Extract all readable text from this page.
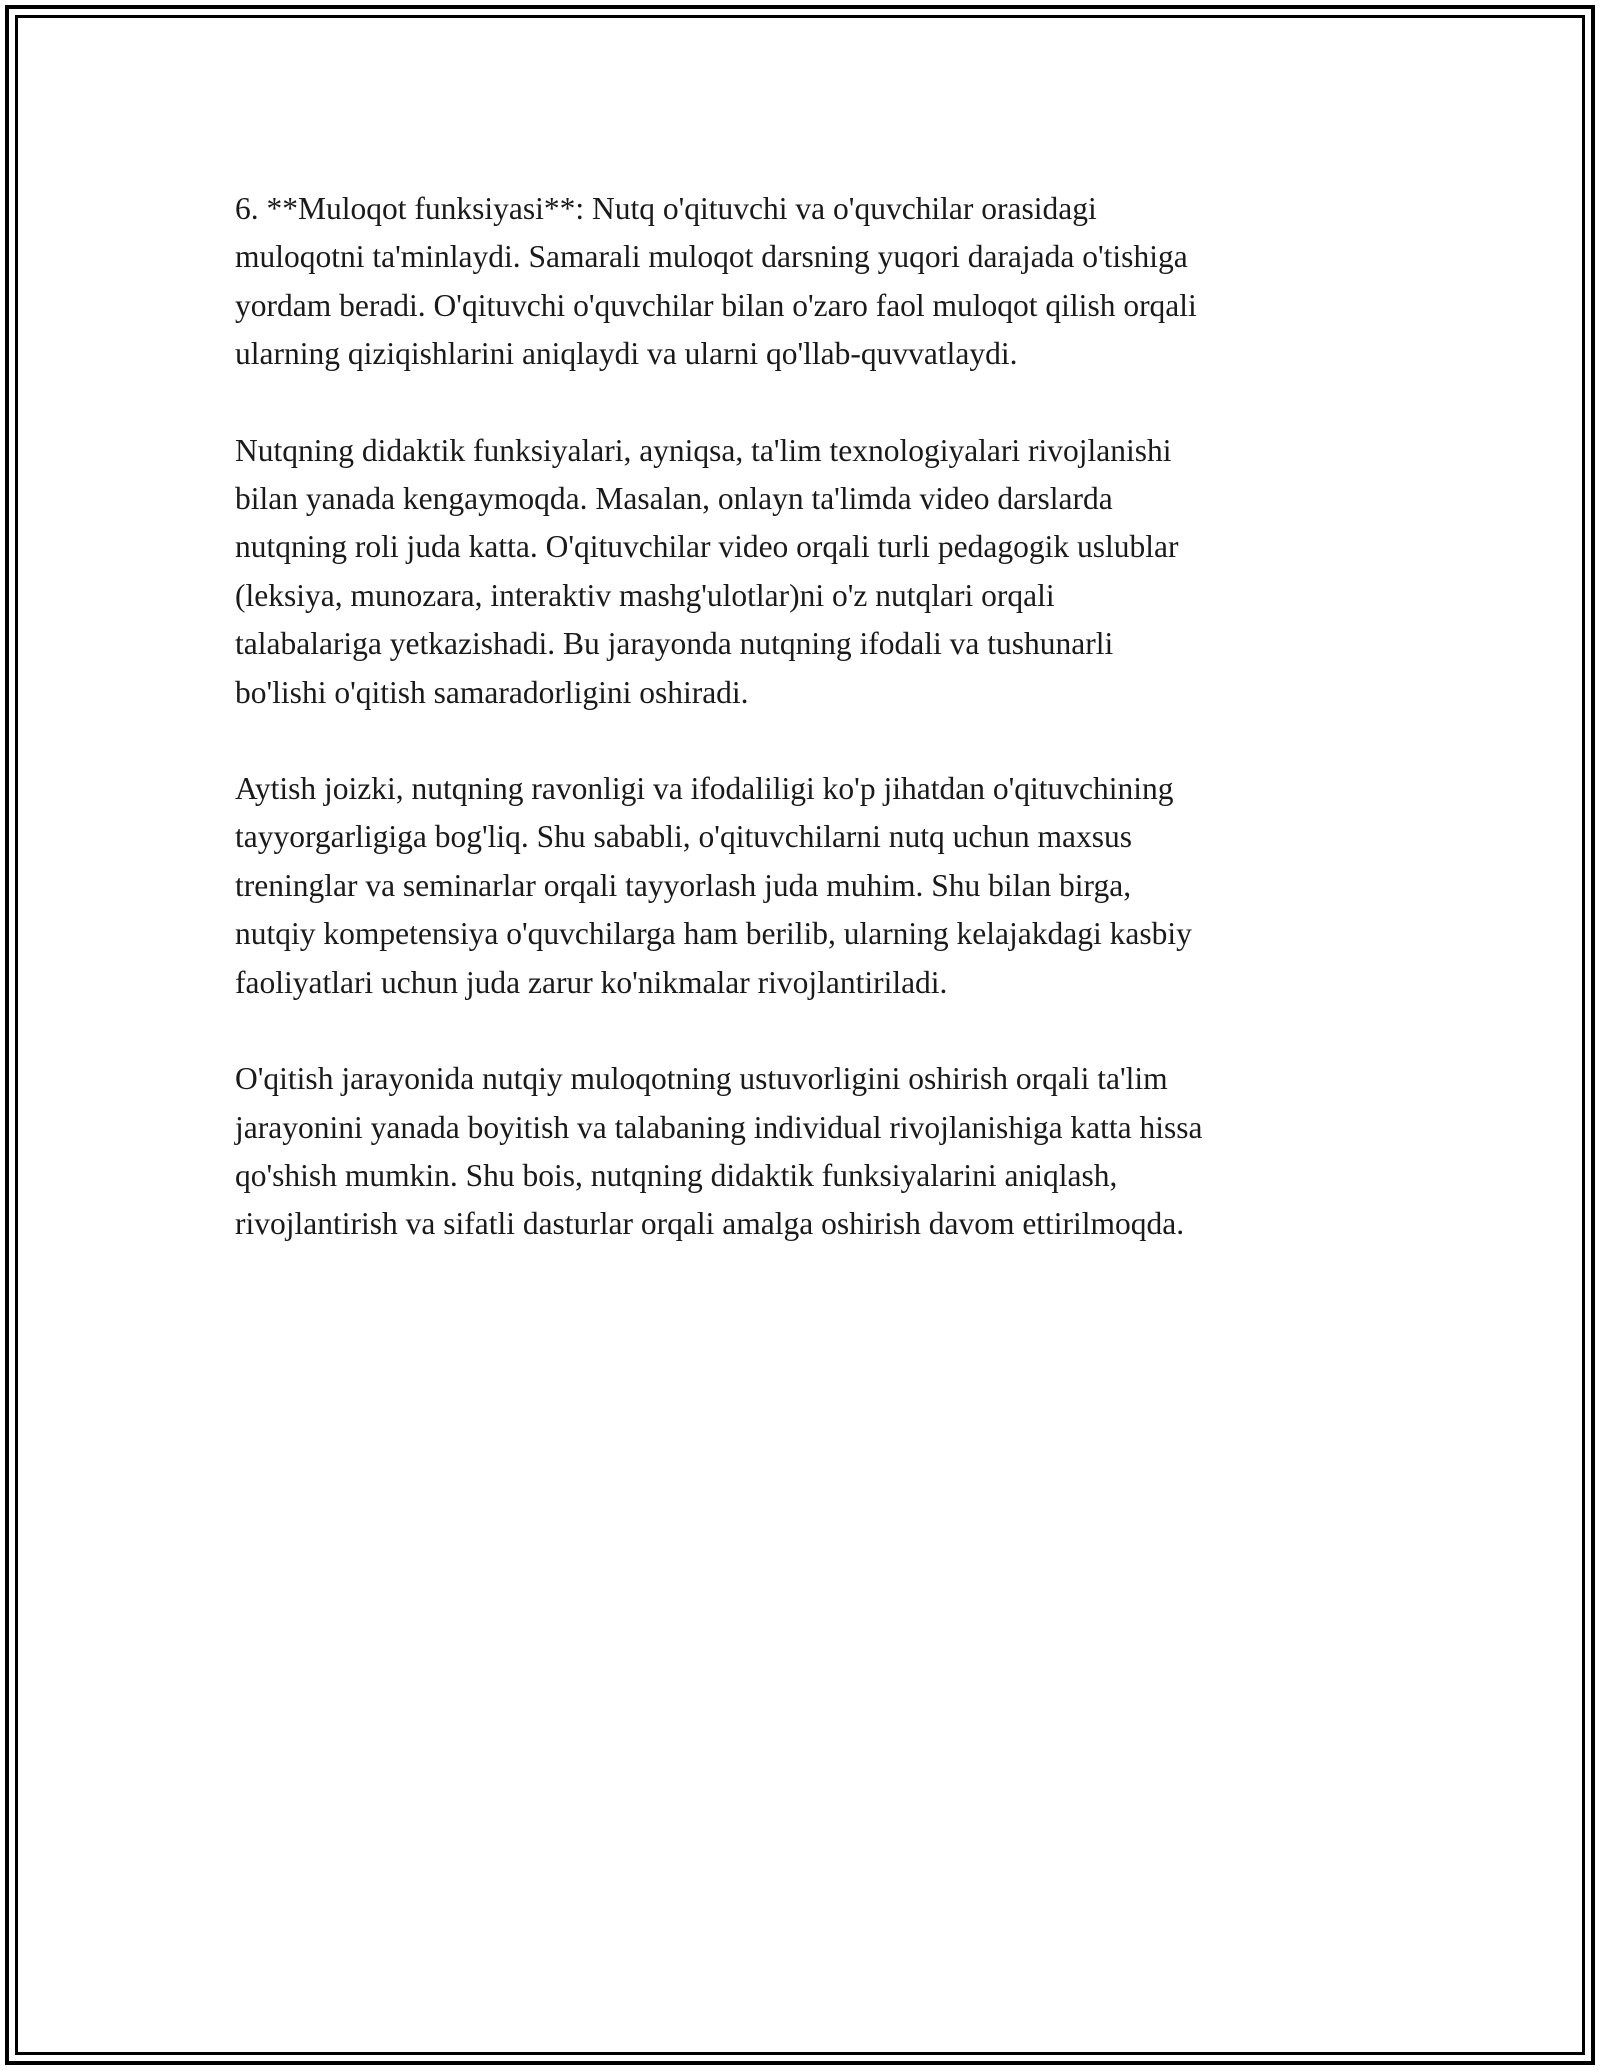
6. **Muloqot funksiyasi**: Nutq o'qituvchi va o'quvchilar orasidagi
muloqotni ta'minlaydi. Samarali muloqot darsning yuqori darajada o'tishiga
yordam beradi. O'qituvchi o'quvchilar bilan o'zaro faol muloqot qilish orqali
ularning qiziqishlarini aniqlaydi va ularni qo'llab-quvvatlaydi.

Nutqning didaktik funksiyalari, ayniqsa, ta'lim texnologiyalari rivojlanishi
bilan yanada kengaymoqda. Masalan, onlayn ta'limda video darslarda
nutqning roli juda katta. O'qituvchilar video orqali turli pedagogik uslublar
(leksiya, munozara, interaktiv mashg'ulotlar)ni o'z nutqlari orqali
talabalariga yetkazishadi. Bu jarayonda nutqning ifodali va tushunarli
bo'lishi o'qitish samaradorligini oshiradi.

Aytish joizki, nutqning ravonligi va ifodaliligi ko'p jihatdan o'qituvchining
tayyorgarligiga bog'liq. Shu sababli, o'qituvchilarni nutq uchun maxsus
treninglar va seminarlar orqali tayyorlash juda muhim. Shu bilan birga,
nutqiy kompetensiya o'quvchilarga ham berilib, ularning kelajakdagi kasbiy
faoliyatlari uchun juda zarur ko'nikmalar rivojlantiriladi.

O'qitish jarayonida nutqiy muloqotning ustuvorligini oshirish orqali ta'lim
jarayonini yanada boyitish va talabaning individual rivojlanishiga katta hissa
qo'shish mumkin. Shu bois, nutqning didaktik funksiyalarini aniqlash,
rivojlantirish va sifatli dasturlar orqali amalga oshirish davom ettirilmoqda.
